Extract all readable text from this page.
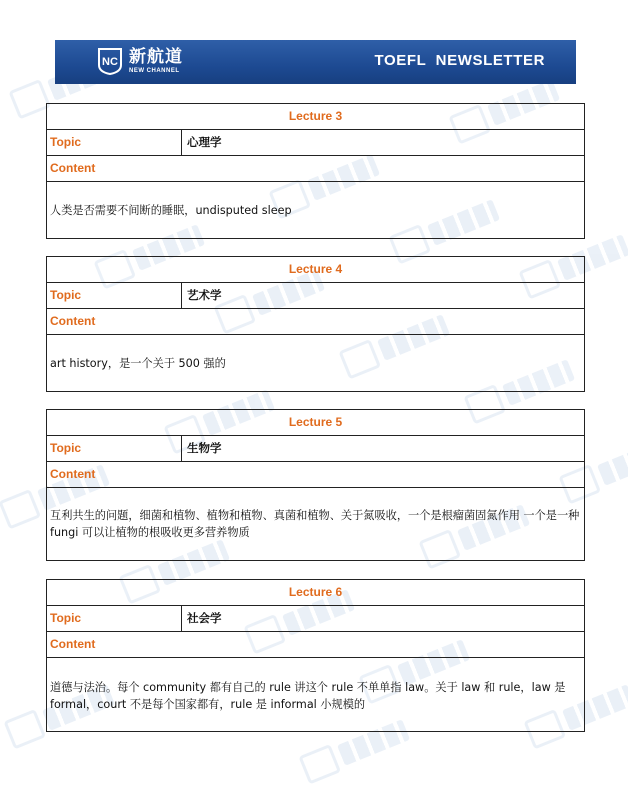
NC 新航道
NEW CHANNEL
TOEFL  NEWSLETTER
Lecture 3
Topic	心理学
Content
人类是否需要不间断的睡眠，undisputed sleep
Lecture 4
Topic	艺术学
Content
art history，是一个关于 500 强的
Lecture 5
Topic	生物学
Content
互利共生的问题，细菌和植物、植物和植物、真菌和植物、关于氮吸收，一个是根瘤菌固氮作用 一个是一种 fungi 可以让植物的根吸收更多营养物质
Lecture 6
Topic	社会学
Content
道德与法治。每个 community 都有自己的 rule 讲这个 rule 不单单指 law。关于 law 和 rule，law 是 formal，court 不是每个国家都有，rule 是 informal 小规模的
